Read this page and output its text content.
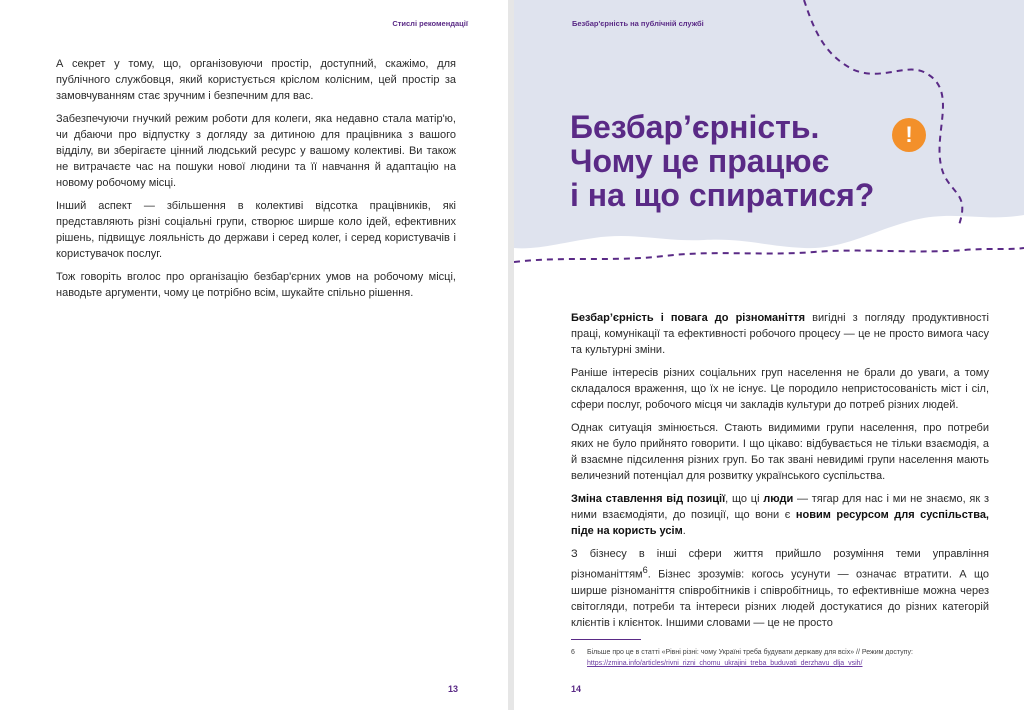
Стислі рекомендації

А секрет у тому, що, організовуючи простір, доступний, скажімо, для публічного службовця, який користується кріслом колісним, цей простір за замовчуванням стає зручним і безпечним для вас.

Забезпечуючи гнучкий режим роботи для колеги, яка недавно стала матір'ю, чи дбаючи про відпустку з догляду за дитиною для працівника з вашого відділу, ви зберігаєте цінний людський ресурс у вашому колективі. Ви також не витрачаєте час на пошуки нової людини та її навчання й адаптацію на новому робочому місці.

Інший аспект — збільшення в колективі відсотка працівників, які представляють різні соціальні групи, створює ширше коло ідей, ефективних рішень, підвищує лояльність до держави і серед колег, і серед користувачів і користувачок послуг.

Тож говоріть вголос про організацію безбар'єрних умов на робочому місці, наводьте аргументи, чому це потрібно всім, шукайте спільно рішення.

13
Безбар'єрність на публічній службі
Безбар’єрність.
Чому це працює
і на що спиратися?
!

Безбар’єрність і повага до різноманіття вигідні з погляду продуктивності праці, комунікації та ефективності робочого процесу — це не просто вимога часу та культурні зміни.

Раніше інтересів різних соціальних груп населення не брали до уваги, а тому складалося враження, що їх не існує. Це породило непристосованість міст і сіл, сфери послуг, робочого місця чи закладів культури до потреб різних людей.

Однак ситуація змінюється. Стають видимими групи населення, про потреби яких не було прийнято говорити. І що цікаво: відбувається не тільки взаємодія, а й взаємне підсилення різних груп. Бо так звані невидимі групи населення мають величезний потенціал для розвитку українського суспільства.

Зміна ставлення від позиції, що ці люди — тягар для нас і ми не знаємо, як з ними взаємодіяти, до позиції, що вони є новим ресурсом для суспільства, піде на користь усім.

З бізнесу в інші сфери життя прийшло розуміння теми управління різноманіттям$^6$. Бізнес зрозумів: когось усунути — означає втратити. А що ширше різноманіття співробітників і співробітниць, то ефективніше можна через світогляди, потреби та інтереси різних людей достукатися до різних категорій клієнтів і клієнток. Іншими словами — це не просто

6 Більше про це в статті «Рівні різні: чому Україні треба будувати державу для всіх» // Режим доступу:
https://zmina.info/articles/rivni_rizni_chomu_ukrajini_treba_buduvati_derzhavu_dlja_vsih/
14
